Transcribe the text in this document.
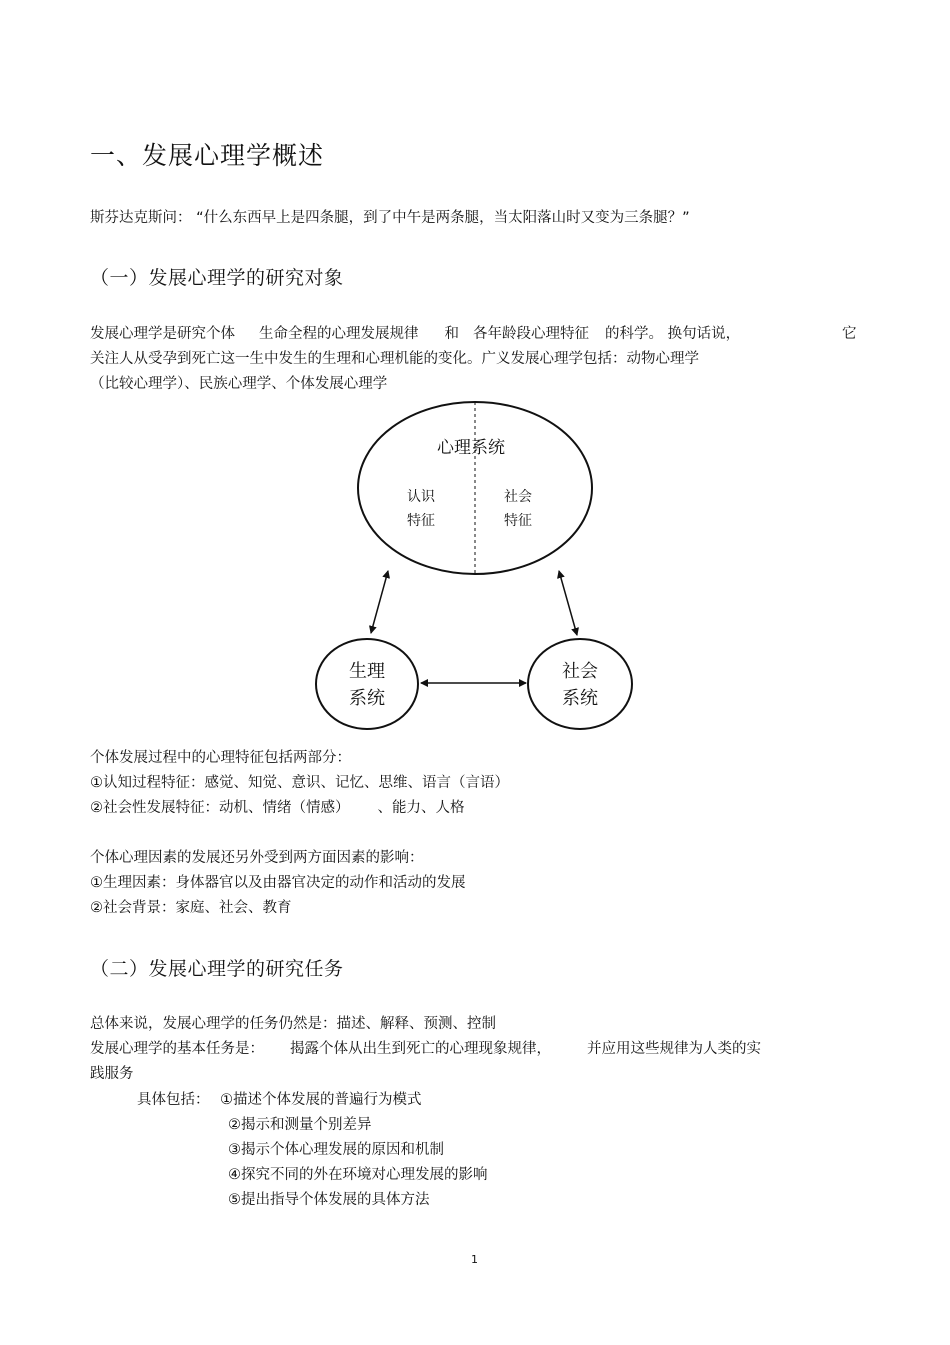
一、发展心理学概述
斯芬达克斯问： “什么东西早上是四条腿，到了中午是两条腿，当太阳落山时又变为三条腿？”
（一）发展心理学的研究对象
发展心理学是研究个体 生命全程的心理发展规律 和 各年龄段心理特征 的科学。 换句话说，	它
关注人从受孕到死亡这一生中发生的生理和心理机能的变化。广义发展心理学包括：动物心理学
（比较心理学）、民族心理学、个体发展心理学
心理系统
认识
特征
社会
特征
生理
系统
社会
系统
个体发展过程中的心理特征包括两部分：
①认知过程特征：感觉、知觉、意识、记忆、思维、语言（言语）
②社会性发展特征：动机、情绪（情感） 、能力、人格
个体心理因素的发展还另外受到两方面因素的影响：
①生理因素：身体器官以及由器官决定的动作和活动的发展
②社会背景：家庭、社会、教育
（二）发展心理学的研究任务
总体来说，发展心理学的任务仍然是：描述、解释、预测、控制
发展心理学的基本任务是： 揭露个体从出生到死亡的心理现象规律， 并应用这些规律为人类的实
践服务
具体包括： ①描述个体发展的普遍行为模式
②揭示和测量个别差异
③揭示个体心理发展的原因和机制
④探究不同的外在环境对心理发展的影响
⑤提出指导个体发展的具体方法
1
